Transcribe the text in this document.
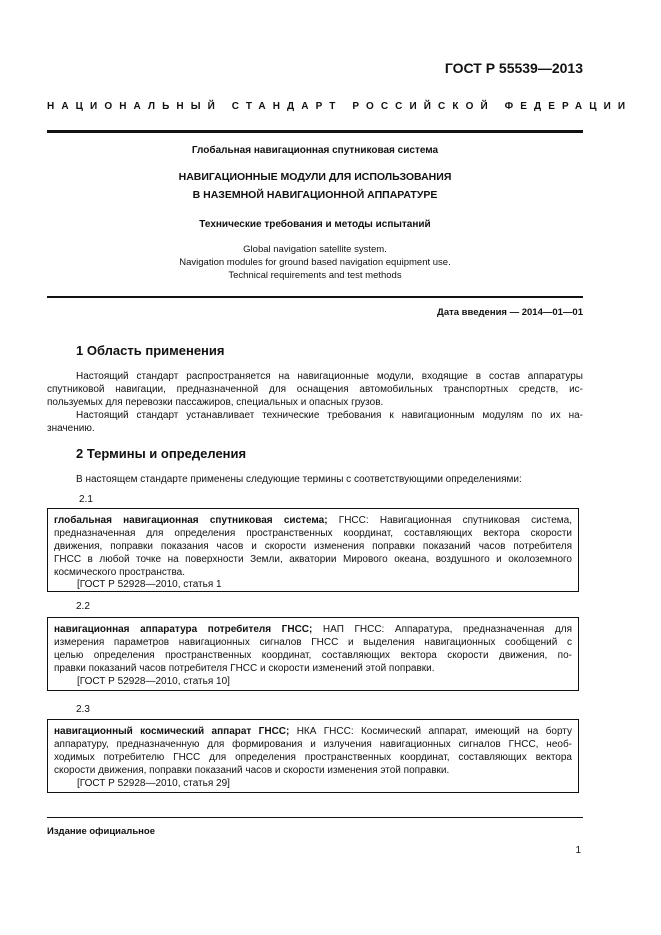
ГОСТ Р 55539—2013
НАЦИОНАЛЬНЫЙ СТАНДАРТ РОССИЙСКОЙ ФЕДЕРАЦИИ
Глобальная навигационная спутниковая система
НАВИГАЦИОННЫЕ МОДУЛИ ДЛЯ ИСПОЛЬЗОВАНИЯ
В НАЗЕМНОЙ НАВИГАЦИОННОЙ АППАРАТУРЕ
Технические требования и методы испытаний
Global navigation satellite system.
Navigation modules for ground based navigation equipment use.
Technical requirements and test methods
Дата введения — 2014—01—01
1 Область применения
Настоящий стандарт распространяется на навигационные модули, входящие в состав аппаратуры
спутниковой навигации, предназначенной для оснащения автомобильных транспортных средств, ис-
пользуемых для перевозки пассажиров, специальных и опасных грузов.
Настоящий стандарт устанавливает технические требования к навигационным модулям по их на-
значению.
2 Термины и определения
В настоящем стандарте применены следующие термины с соответствующими определениями:
2.1
глобальная навигационная спутниковая система; ГНСС: Навигационная спутниковая система,
предназначенная для определения пространственных координат, составляющих вектора скорости
движения, поправки показания часов и скорости изменения поправки показаний часов потребителя
ГНСС в любой точке на поверхности Земли, акватории Мирового океана, воздушного и околоземного
космического пространства.
[ГОСТ Р 52928—2010, статья 1
2.2
навигационная аппаратура потребителя ГНСС; НАП ГНСС: Аппаратура, предназначенная для
измерения параметров навигационных сигналов ГНСС и выделения навигационных сообщений с
целью определения пространственных координат, составляющих вектора скорости движения, по-
правки показаний часов потребителя ГНСС и скорости изменений этой поправки.
[ГОСТ Р 52928—2010, статья 10]
2.3
навигационный космический аппарат ГНСС; НКА ГНСС: Космический аппарат, имеющий на борту
аппаратуру, предназначенную для формирования и излучения навигационных сигналов ГНСС, необ-
ходимых потребителю ГНСС для определения пространственных координат, составляющих вектора
скорости движения, поправки показаний часов и скорости изменения этой поправки.
[ГОСТ Р 52928—2010, статья 29]
Издание официальное
1
